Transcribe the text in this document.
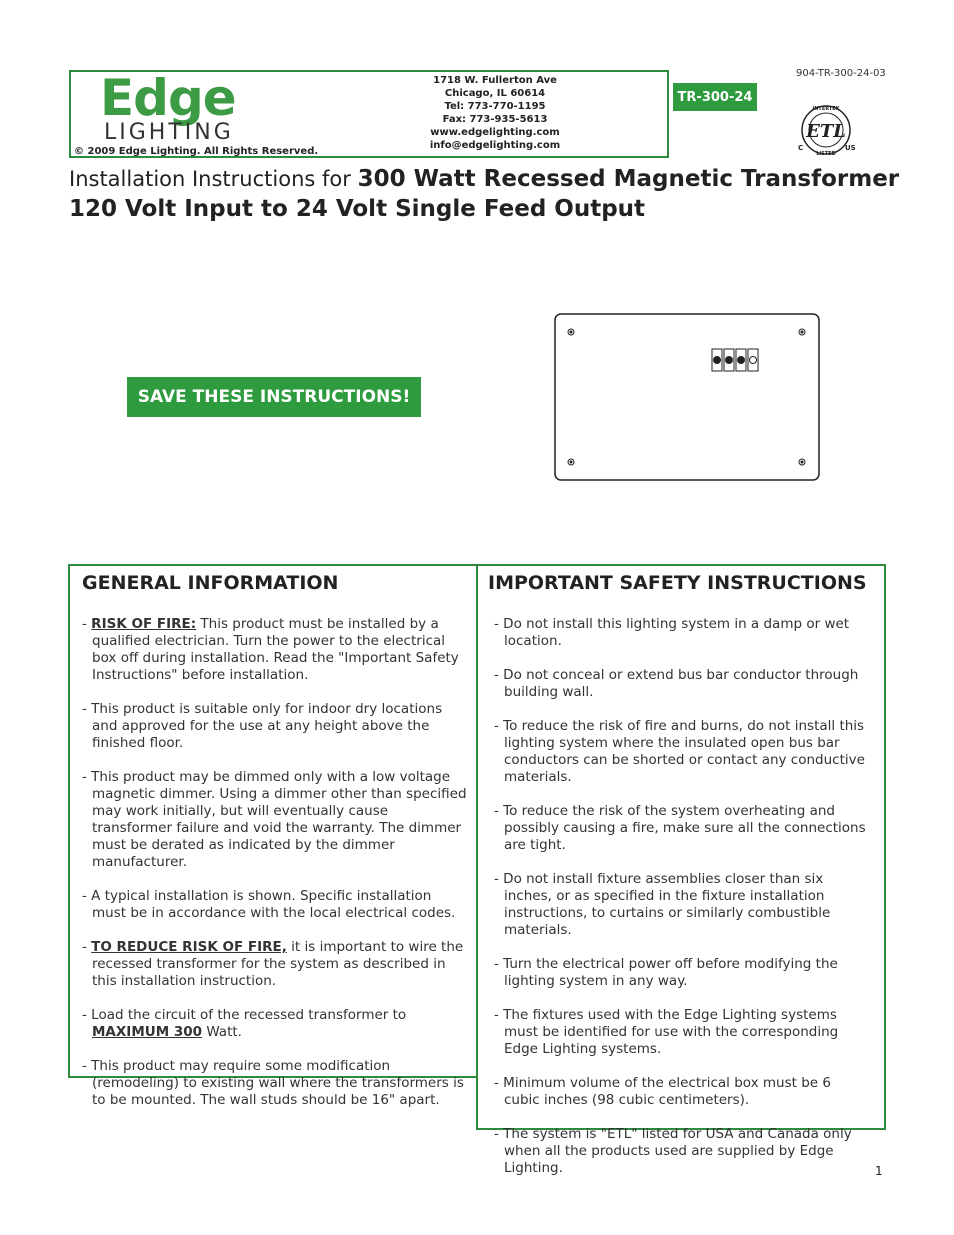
Edge
LIGHTING
© 2009 Edge Lighting. All Rights Reserved.
1718 W. Fullerton Ave
Chicago, IL 60614
Tel: 773-770-1195
Fax: 773-935-5613
www.edgelighting.com
info@edgelighting.com
TR-300-24
904-TR-300-24-03
ETL
INTERTEK
LISTED
C	US
Installation Instructions for 300 Watt Recessed Magnetic Transformer
120 Volt Input to 24 Volt Single Feed Output
SAVE THESE INSTRUCTIONS!
GENERAL INFORMATION
- RISK OF FIRE: This product must be installed by a qualified electrician. Turn the power to the electrical box off during installation. Read the "Important Safety Instructions" before installation.
- This product is suitable only for indoor dry locations and approved for the use at any height above the finished floor.
- This product may be dimmed only with a low voltage magnetic dimmer. Using a dimmer other than specified may work initially, but will eventually cause transformer failure and void the warranty. The dimmer must be derated as indicated by the dimmer manufacturer.
- A typical installation is shown. Specific installation must be in accordance with the local electrical codes.
- TO REDUCE RISK OF FIRE, it is important to wire the recessed transformer for the system as described in this installation instruction.
- Load the circuit of the recessed transformer to MAXIMUM 300 Watt.
- This product may require some modification (remodeling) to existing wall where the transformers is to be mounted. The wall studs should be 16" apart.
IMPORTANT SAFETY INSTRUCTIONS
- Do not install this lighting system in a damp or wet location.
- Do not conceal or extend bus bar conductor through building wall.
- To reduce the risk of fire and burns, do not install this lighting system where the insulated open bus bar conductors can be shorted or contact any conductive materials.
- To reduce the risk of the system overheating and possibly causing a fire, make sure all the connections are tight.
- Do not install fixture assemblies closer than six inches, or as specified in the fixture installation instructions, to curtains or similarly combustible materials.
- Turn the electrical power off before modifying the lighting system in any way.
- The fixtures used with the Edge Lighting systems must be identified for use with the corresponding Edge Lighting systems.
- Minimum volume of the electrical box must be 6 cubic inches (98 cubic centimeters).
- The system is "ETL" listed for USA and Canada only when all the products used are supplied by Edge Lighting.	1
